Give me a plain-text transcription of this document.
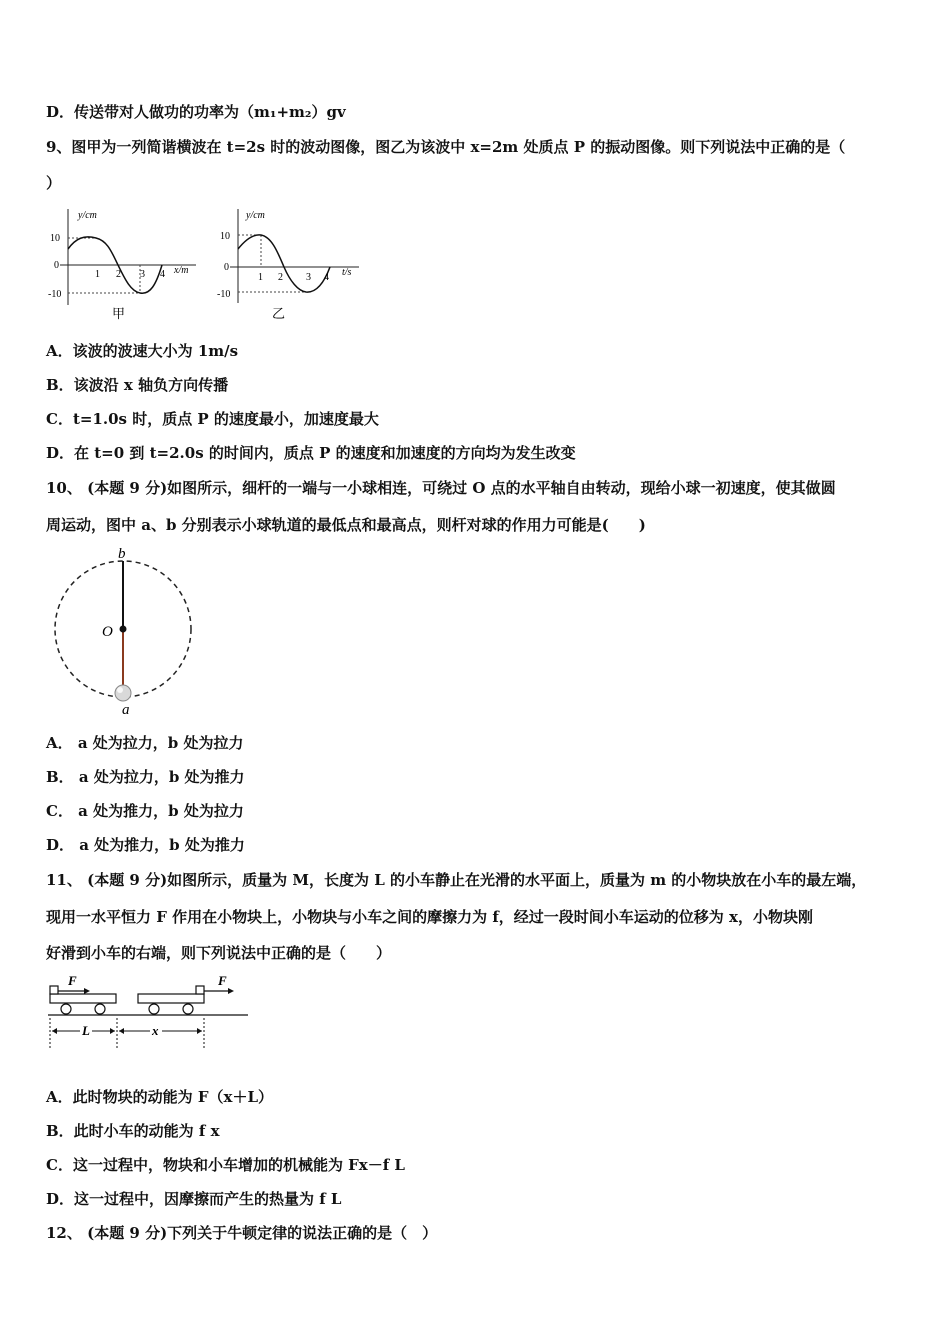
D．传送带对人做功的功率为（m₁+m₂）gv
9、图甲为一列简谐横波在 t=2s 时的波动图像，图乙为该波中 x=2m 处质点 P 的振动图像。则下列说法中正确的是（
）
y/cm
10
0
-10
1 2 3 4 x/m
甲
y/cm
10
0
-10
1 2 3 4 t/s
乙
A．该波的波速大小为 1m/s
B．该波沿 x 轴负方向传播
C．t=1.0s 时，质点 P 的速度最小，加速度最大
D．在 t=0 到 t=2.0s 的时间内，质点 P 的速度和加速度的方向均为发生改变
10、 (本题 9 分)如图所示，细杆的一端与一小球相连，可绕过 O 点的水平轴自由转动，现给小球一初速度，使其做圆
周运动，图中 a、b 分别表示小球轨道的最低点和最高点，则杆对球的作用力可能是(　　)
b
O
a
A． a 处为拉力，b 处为拉力
B． a 处为拉力，b 处为推力
C． a 处为推力，b 处为拉力
D． a 处为推力，b 处为推力
11、 (本题 9 分)如图所示，质量为 M，长度为 L 的小车静止在光滑的水平面上，质量为 m 的小物块放在小车的最左端，
现用一水平恒力 F 作用在小物块上，小物块与小车之间的摩擦力为 f，经过一段时间小车运动的位移为 x，小物块刚
好滑到小车的右端，则下列说法中正确的是（　　）
F	F
L	x
A．此时物块的动能为 F（x＋L）
B．此时小车的动能为 f x
C．这一过程中，物块和小车增加的机械能为 Fx－f L
D．这一过程中，因摩擦而产生的热量为 f L
12、 (本题 9 分)下列关于牛顿定律的说法正确的是（　）
